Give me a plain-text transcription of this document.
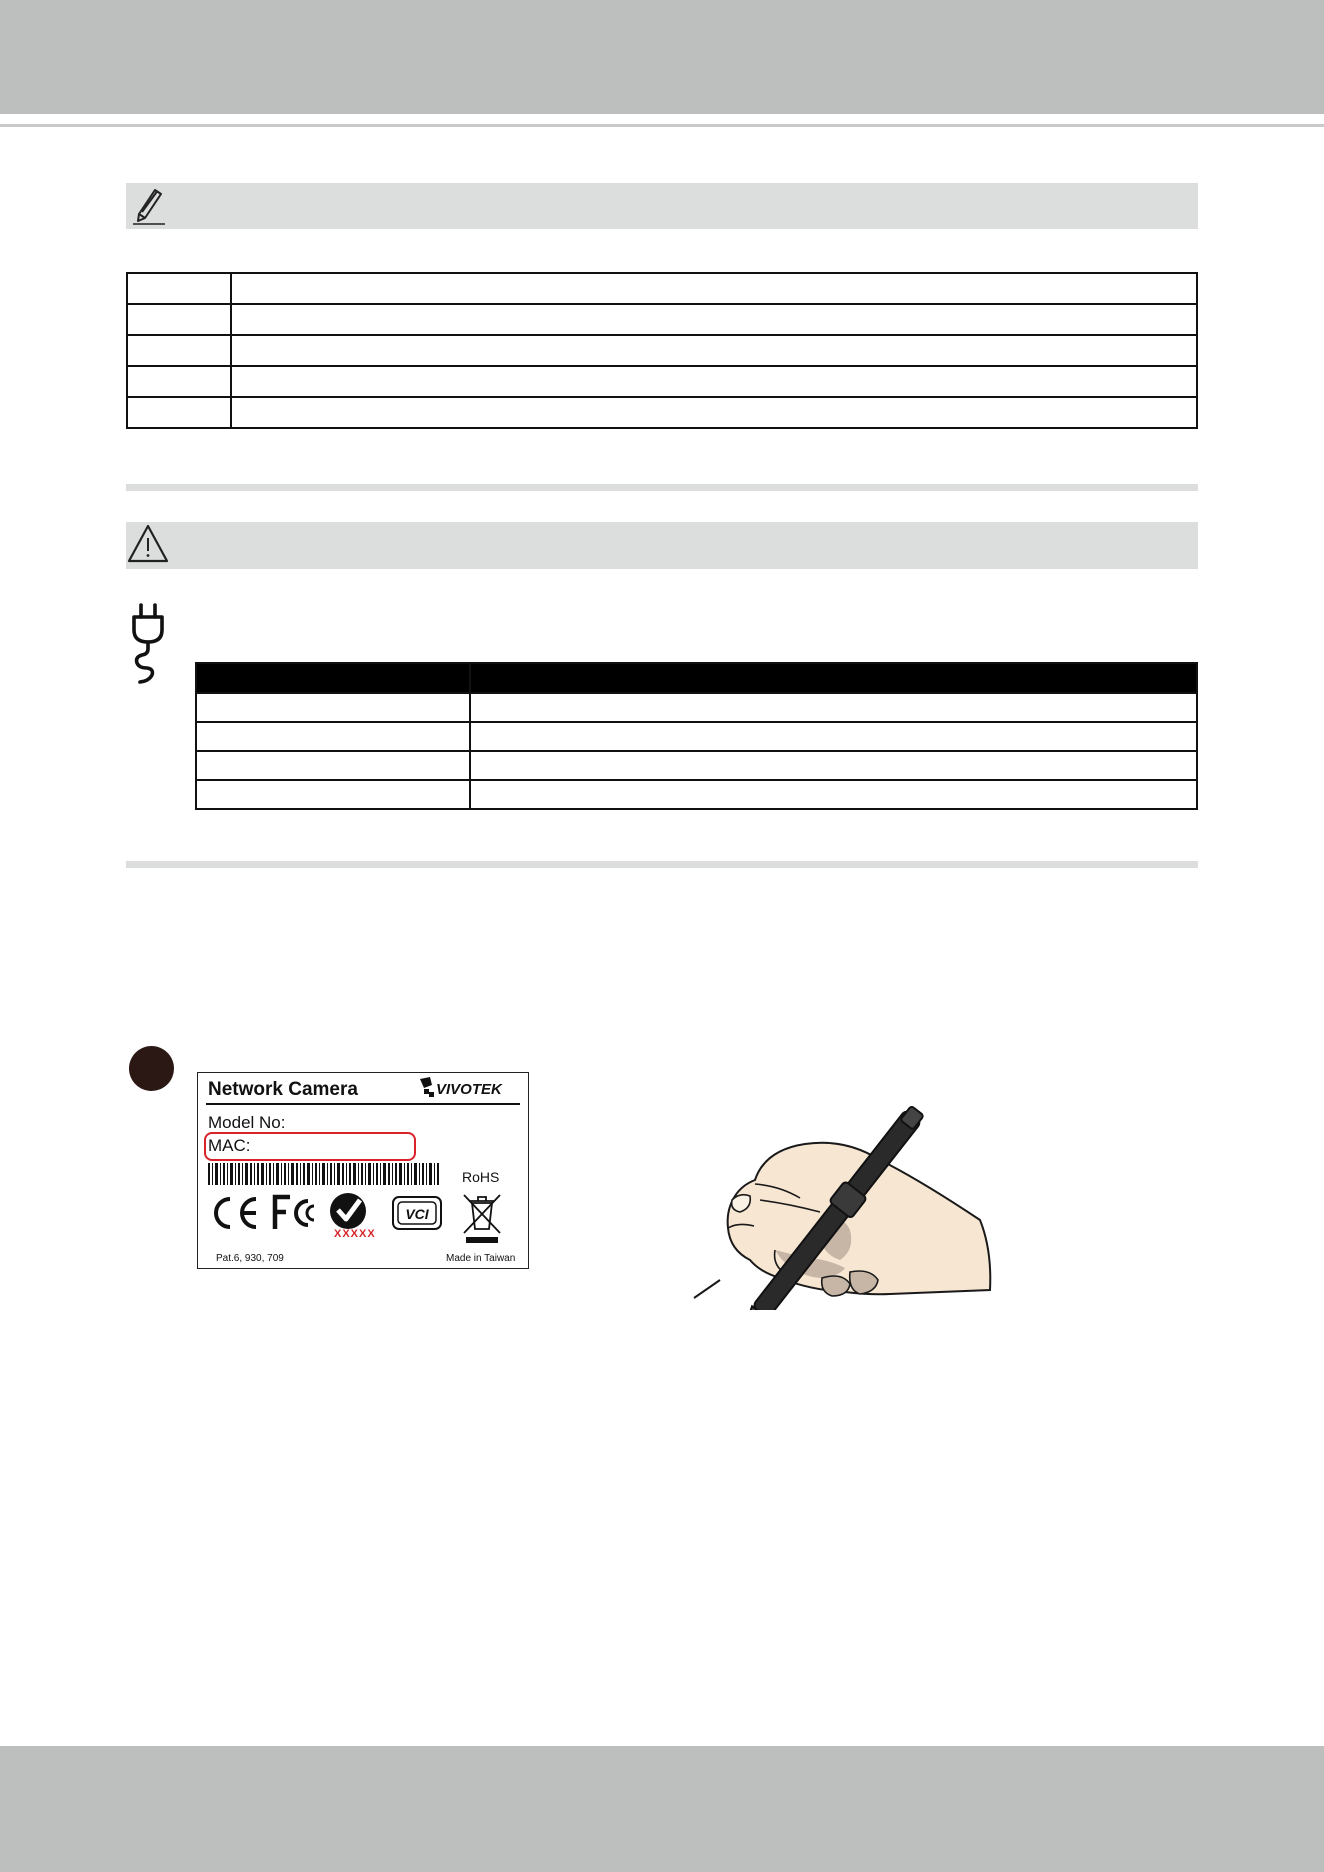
Network Camera	VIVOTEK
Model No:
MAC:
RoHS
XXXXX
VCI
Pat.6, 930, 709	Made in Taiwan
